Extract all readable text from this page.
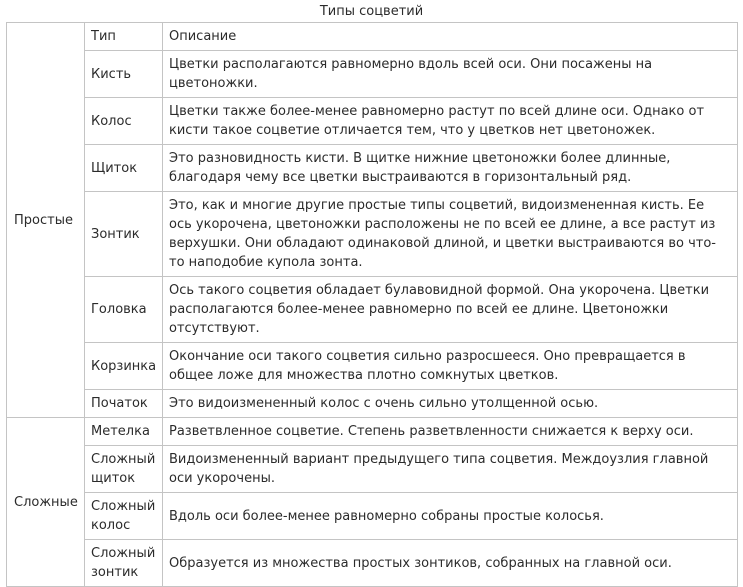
Типы соцветий
Простые	Тип	Описание
	Кисть	Цветки располагаются равномерно вдоль всей оси. Они посажены на цветоножки.
	Колос	Цветки также более-менее равномерно растут по всей длине оси. Однако от кисти такое соцветие отличается тем, что у цветков нет цветоножек.
	Щиток	Это разновидность кисти. В щитке нижние цветоножки более длинные, благодаря чему все цветки выстраиваются в горизонтальный ряд.
	Зонтик	Это, как и многие другие простые типы соцветий, видоизмененная кисть. Ее ось укорочена, цветоножки расположены не по всей ее длине, а все растут из верхушки. Они обладают одинаковой длиной, и цветки выстраиваются во что-то наподобие купола зонта.
	Головка	Ось такого соцветия обладает булавовидной формой. Она укорочена. Цветки располагаются более-менее равномерно по всей ее длине. Цветоножки отсутствуют.
	Корзинка	Окончание оси такого соцветия сильно разросшееся. Оно превращается в общее ложе для множества плотно сомкнутых цветков.
	Початок	Это видоизмененный колос с очень сильно утолщенной осью.
Сложные	Метелка	Разветвленное соцветие. Степень разветвленности снижается к верху оси.
	Сложный щиток	Видоизмененный вариант предыдущего типа соцветия. Междоузлия главной оси укорочены.
	Сложный колос	Вдоль оси более-менее равномерно собраны простые колосья.
	Сложный зонтик	Образуется из множества простых зонтиков, собранных на главной оси.
